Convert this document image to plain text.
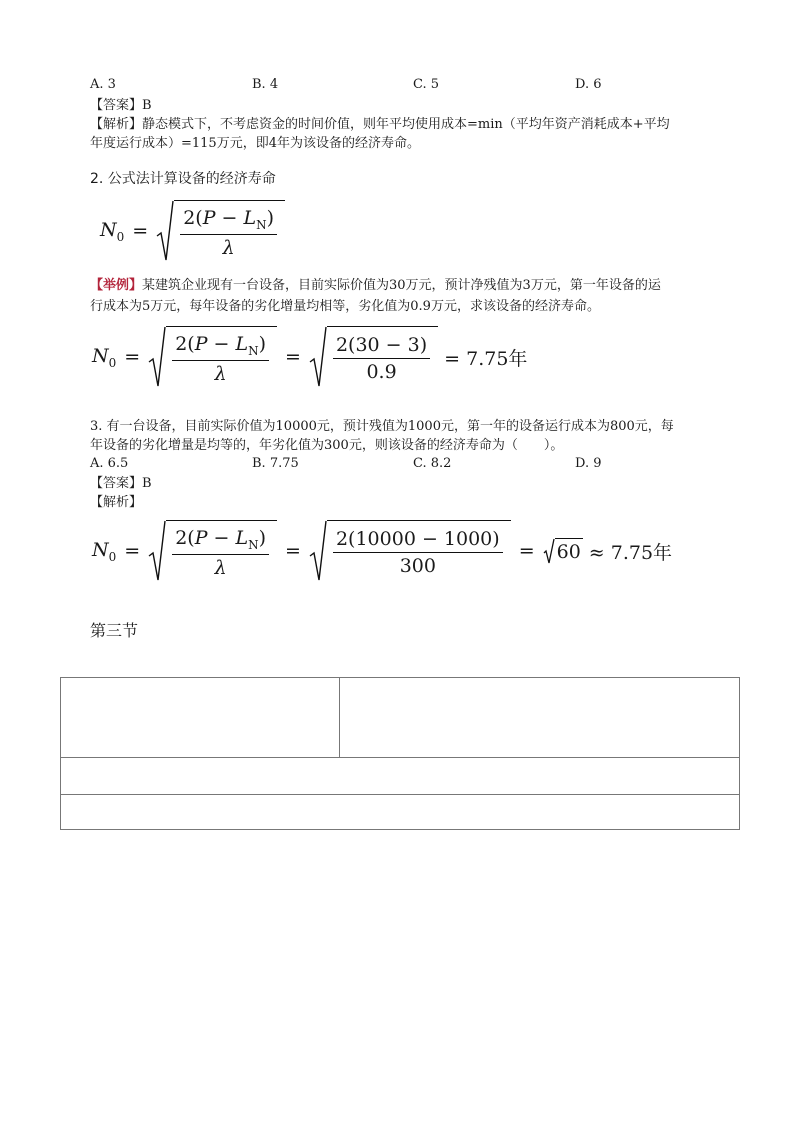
A. 3	B. 4	C. 5	D. 6
【答案】B
【解析】静态模式下，不考虑资金的时间价值，则年平均使用成本=min（平均年资产消耗成本+平均
年度运行成本）=115万元，即4年为该设备的经济寿命。
2. 公式法计算设备的经济寿命
$N_0 = \frac{2(P - L_N)}{\lambda}$
【举例】某建筑企业现有一台设备，目前实际价值为30万元，预计净残值为3万元，第一年设备的运
行成本为5万元，每年设备的劣化增量均相等，劣化值为0.9万元，求该设备的经济寿命。
$N_0 = \frac{2(P - L_N)}{\lambda} = \frac{2(30 - 3)}{0.9} = 7.75$年
3. 有一台设备，目前实际价值为10000元，预计残值为1000元，第一年的设备运行成本为800元，每
年设备的劣化增量是均等的，年劣化值为300元，则该设备的经济寿命为（　　）。
A. 6.5	B. 7.75	C. 8.2	D. 9
【答案】B
【解析】
$N_0 = \frac{2(P - L_N)}{\lambda} = \frac{2(10000 - 1000)}{300} = 60 \approx 7.75$年
第三节
